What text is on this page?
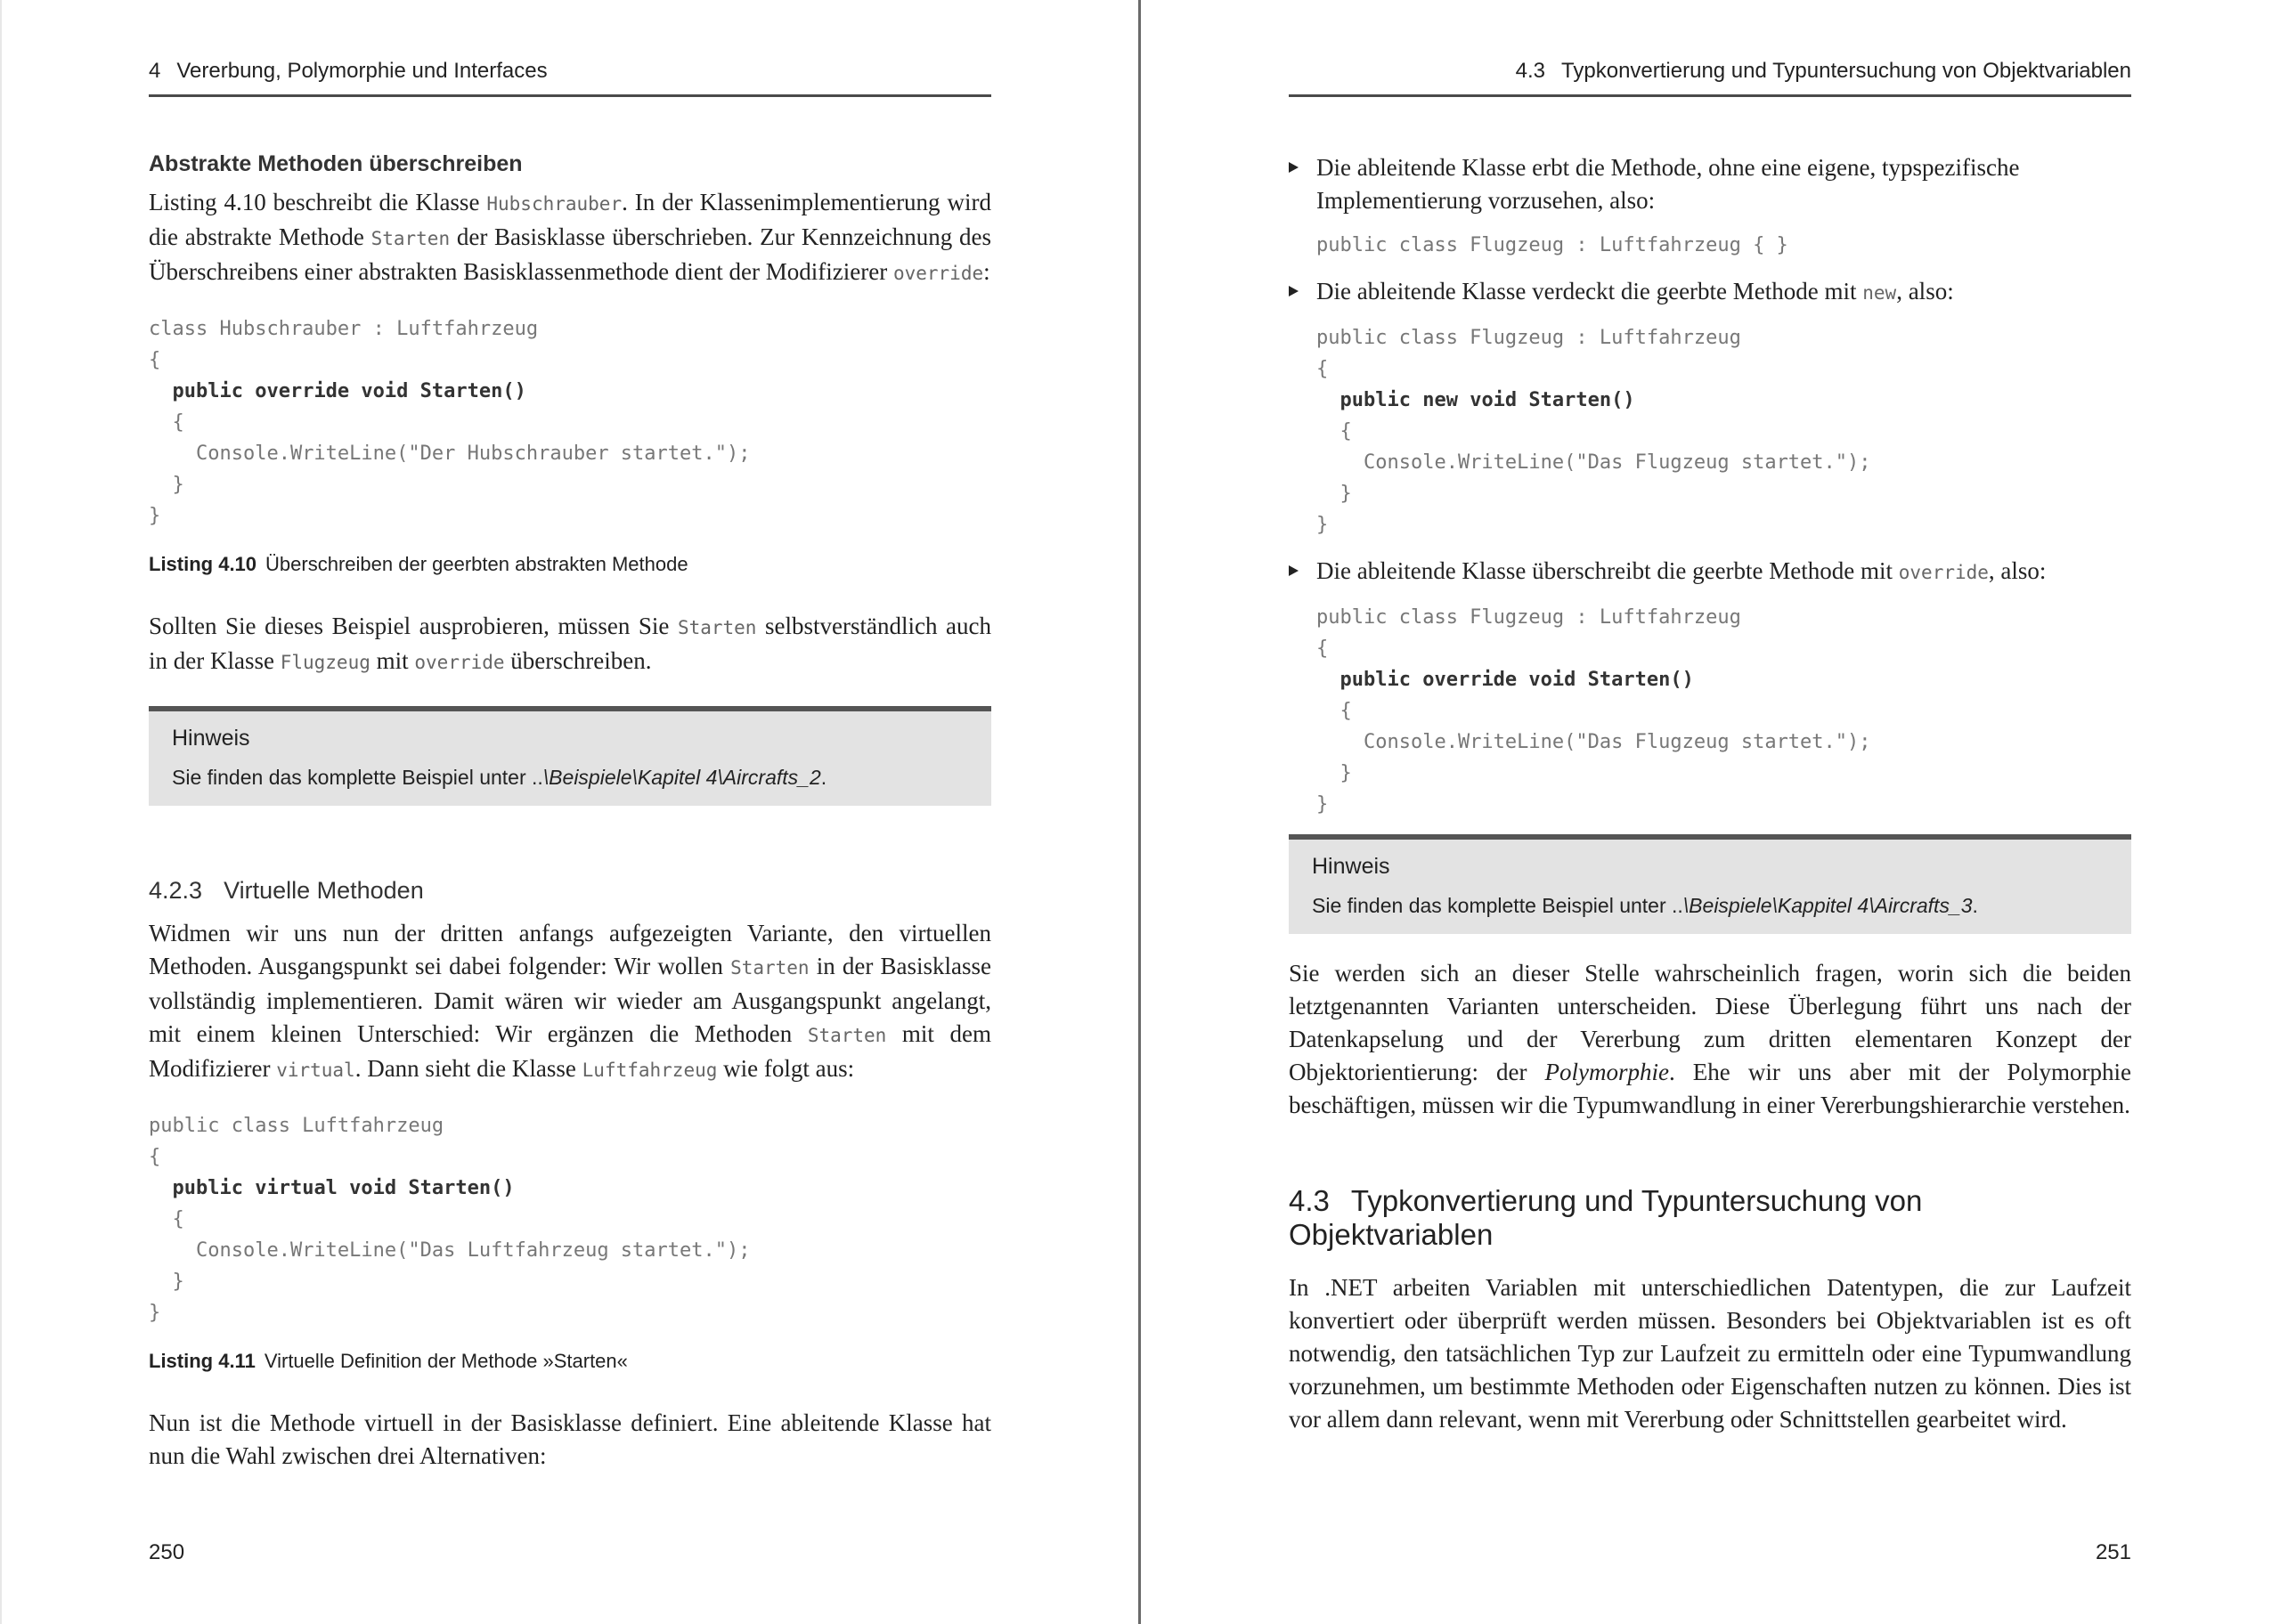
4 Vererbung, Polymorphie und Interfaces
Abstrakte Methoden überschreiben

Listing 4.10 beschreibt die Klasse Hubschrauber. In der Klassenimplementierung wird die abstrakte Methode Starten der Basisklasse überschrieben. Zur Kennzeichnung des Überschreibens einer abstrakten Basisklassenmethode dient der Modifizierer override:

class Hubschrauber : Luftfahrzeug
{
public override void Starten()
{
Console.WriteLine("Der Hubschrauber startet.");
}
}
Listing 4.10 Überschreiben der geerbten abstrakten Methode

Sollten Sie dieses Beispiel ausprobieren, müssen Sie Starten selbstverständlich auch in der Klasse Flugzeug mit override überschreiben.

Hinweis
Sie finden das komplette Beispiel unter ..\Beispiele\Kapitel 4\Aircrafts_2.
4.2.3 Virtuelle Methoden

Widmen wir uns nun der dritten anfangs aufgezeigten Variante, den virtuellen Methoden. Ausgangspunkt sei dabei folgender: Wir wollen Starten in der Basisklasse vollständig implementieren. Damit wären wir wieder am Ausgangspunkt angelangt, mit einem kleinen Unterschied: Wir ergänzen die Methoden Starten mit dem Modifizierer virtual. Dann sieht die Klasse Luftfahrzeug wie folgt aus:

public class Luftfahrzeug
{
public virtual void Starten()
{
Console.WriteLine("Das Luftfahrzeug startet.");
}
}
Listing 4.11 Virtuelle Definition der Methode »Starten«

Nun ist die Methode virtuell in der Basisklasse definiert. Eine ableitende Klasse hat nun die Wahl zwischen drei Alternativen:

250
4.3 Typkonvertierung und Typuntersuchung von Objektvariablen
Die ableitende Klasse erbt die Methode, ohne eine eigene, typspezifische Implementierung vorzusehen, also:
public class Flugzeug : Luftfahrzeug { }
Die ableitende Klasse verdeckt die geerbte Methode mit new, also:
public class Flugzeug : Luftfahrzeug
{
public new void Starten()
{
Console.WriteLine("Das Flugzeug startet.");
}
}
Die ableitende Klasse überschreibt die geerbte Methode mit override, also:
public class Flugzeug : Luftfahrzeug
{
public override void Starten()
{
Console.WriteLine("Das Flugzeug startet.");
}
}
Hinweis
Sie finden das komplette Beispiel unter ..\Beispiele\Kappitel 4\Aircrafts_3.

Sie werden sich an dieser Stelle wahrscheinlich fragen, worin sich die beiden letztgenannten Varianten unterscheiden. Diese Überlegung führt uns nach der Datenkapselung und der Vererbung zum dritten elementaren Konzept der Objektorientierung: der Polymorphie. Ehe wir uns aber mit der Polymorphie beschäftigen, müssen wir die Typumwandlung in einer Vererbungshierarchie verstehen.

4.3 Typkonvertierung und Typuntersuchung von Objektvariablen

In .NET arbeiten Variablen mit unterschiedlichen Datentypen, die zur Laufzeit konvertiert oder überprüft werden müssen. Besonders bei Objektvariablen ist es oft notwendig, den tatsächlichen Typ zur Laufzeit zu ermitteln oder eine Typumwandlung vorzunehmen, um bestimmte Methoden oder Eigenschaften nutzen zu können. Dies ist vor allem dann relevant, wenn mit Vererbung oder Schnittstellen gearbeitet wird.

251
